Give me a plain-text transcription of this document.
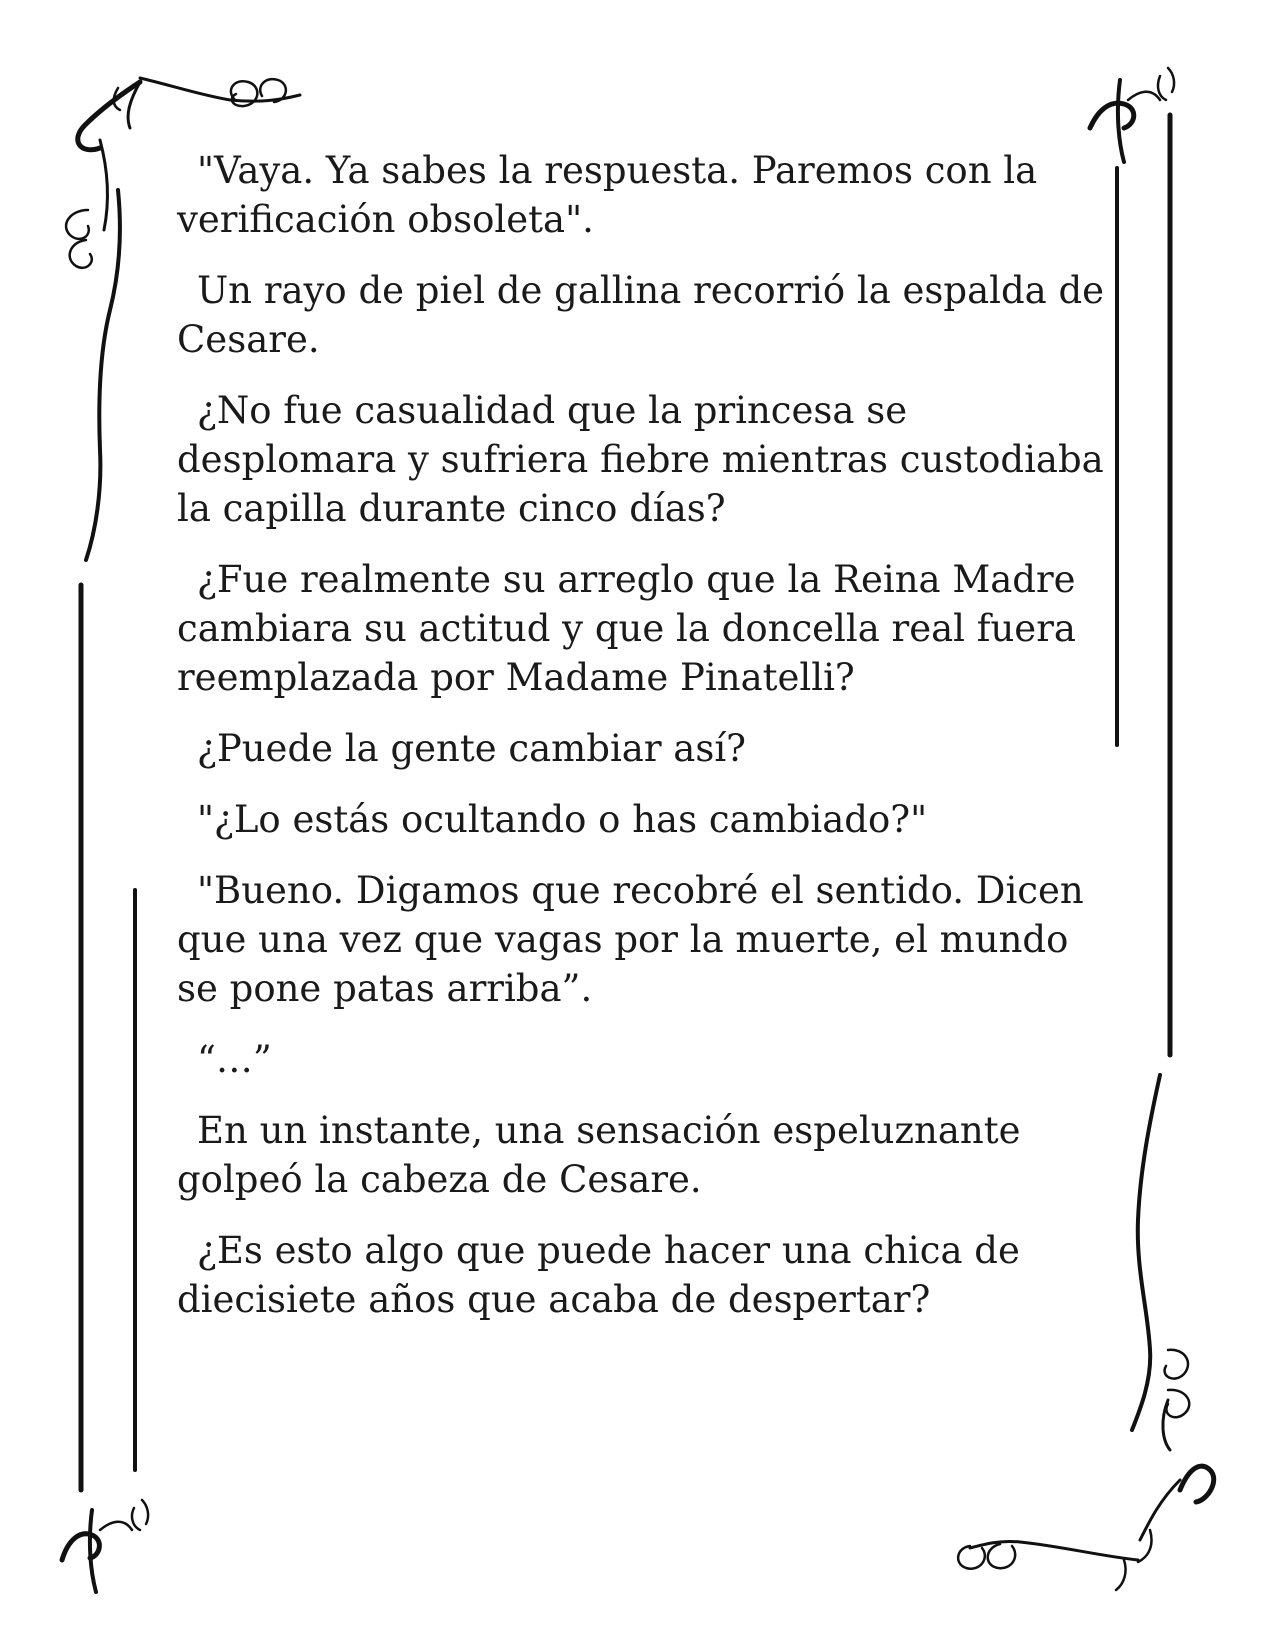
"Vaya. Ya sabes la respuesta. Paremos con la verificación obsoleta".

Un rayo de piel de gallina recorrió la espalda de Cesare.

¿No fue casualidad que la princesa se desplomara y sufriera fiebre mientras custodiaba la capilla durante cinco días?

¿Fue realmente su arreglo que la Reina Madre cambiara su actitud y que la doncella real fuera reemplazada por Madame Pinatelli?

¿Puede la gente cambiar así?

"¿Lo estás ocultando o has cambiado?"

"Bueno. Digamos que recobré el sentido. Dicen que una vez que vagas por la muerte, el mundo se pone patas arriba”.

“…”

En un instante, una sensación espeluznante golpeó la cabeza de Cesare.

¿Es esto algo que puede hacer una chica de diecisiete años que acaba de despertar?
